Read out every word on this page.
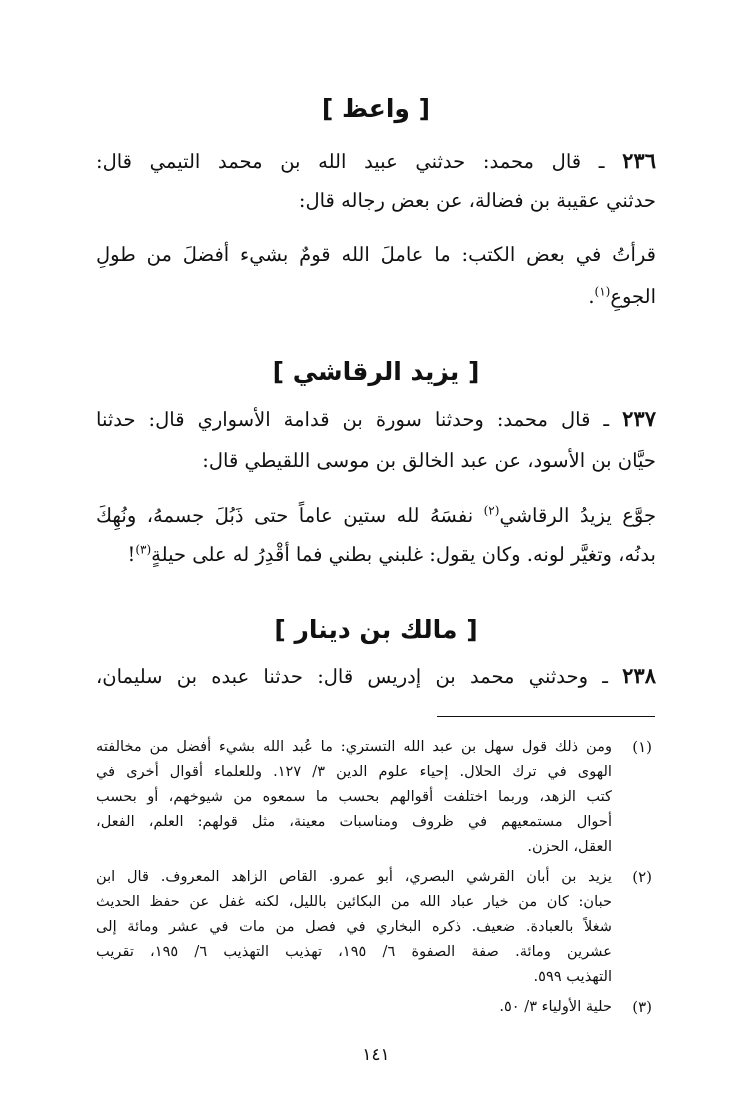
[ واعظ ]
٢٣٦ ـ قال محمد: حدثني عبيد الله بن محمد التيمي قال:
حدثني عقيبة بن فضالة، عن بعض رجاله قال:
قرأتُ في بعض الكتب: ما عاملَ الله قومٌ بشيء أفضلَ من طولِ
الجوعِ$^{(١)}$.
[ يزيد الرقاشي ]
٢٣٧ ـ قال محمد: وحدثنا سورة بن قدامة الأسواري قال: حدثنا
حيَّان بن الأسود، عن عبد الخالق بن موسى اللقيطي قال:
جوَّع يزيدُ الرقاشي$^{(٢)}$ نفسَهُ لله ستين عاماً حتى ذَبُلَ جسمهُ، ونُهِكَ
بدنُه، وتغيَّر لونه. وكان يقول: غلبني بطني فما أقْدِرُ له على حيلةٍ$^{(٣)}$!
[ مالك بن دينار ]
٢٣٨ ـ وحدثني محمد بن إدريس قال: حدثنا عبده بن سليمان،
(١)
ومن ذلك قول سهل بن عبد الله التستري: ما عُبد الله بشيء أفضل من مخالفته
الهوى في ترك الحلال. إحياء علوم الدين ٣/ ١٢٧. وللعلماء أقوال أخرى في
كتب الزهد، وربما اختلفت أقوالهم بحسب ما سمعوه من شيوخهم، أو بحسب
أحوال مستمعيهم في ظروف ومناسبات معينة، مثل قولهم: العلم، الفعل،
العقل، الحزن.
(٢)
يزيد بن أبان القرشي البصري، أبو عمرو. القاص الزاهد المعروف. قال ابن
حبان: كان من خيار عباد الله من البكائين بالليل، لكنه غفل عن حفظ الحديث
شغلاً بالعبادة. ضعيف. ذكره البخاري في فصل من مات في عشر ومائة إلى
عشرين ومائة. صفة الصفوة ٦/ ١٩٥، تهذيب التهذيب ٦/ ١٩٥، تقريب
التهذيب ٥٩٩.
(٣)
حلية الأولياء ٣/ ٥٠.
١٤١
